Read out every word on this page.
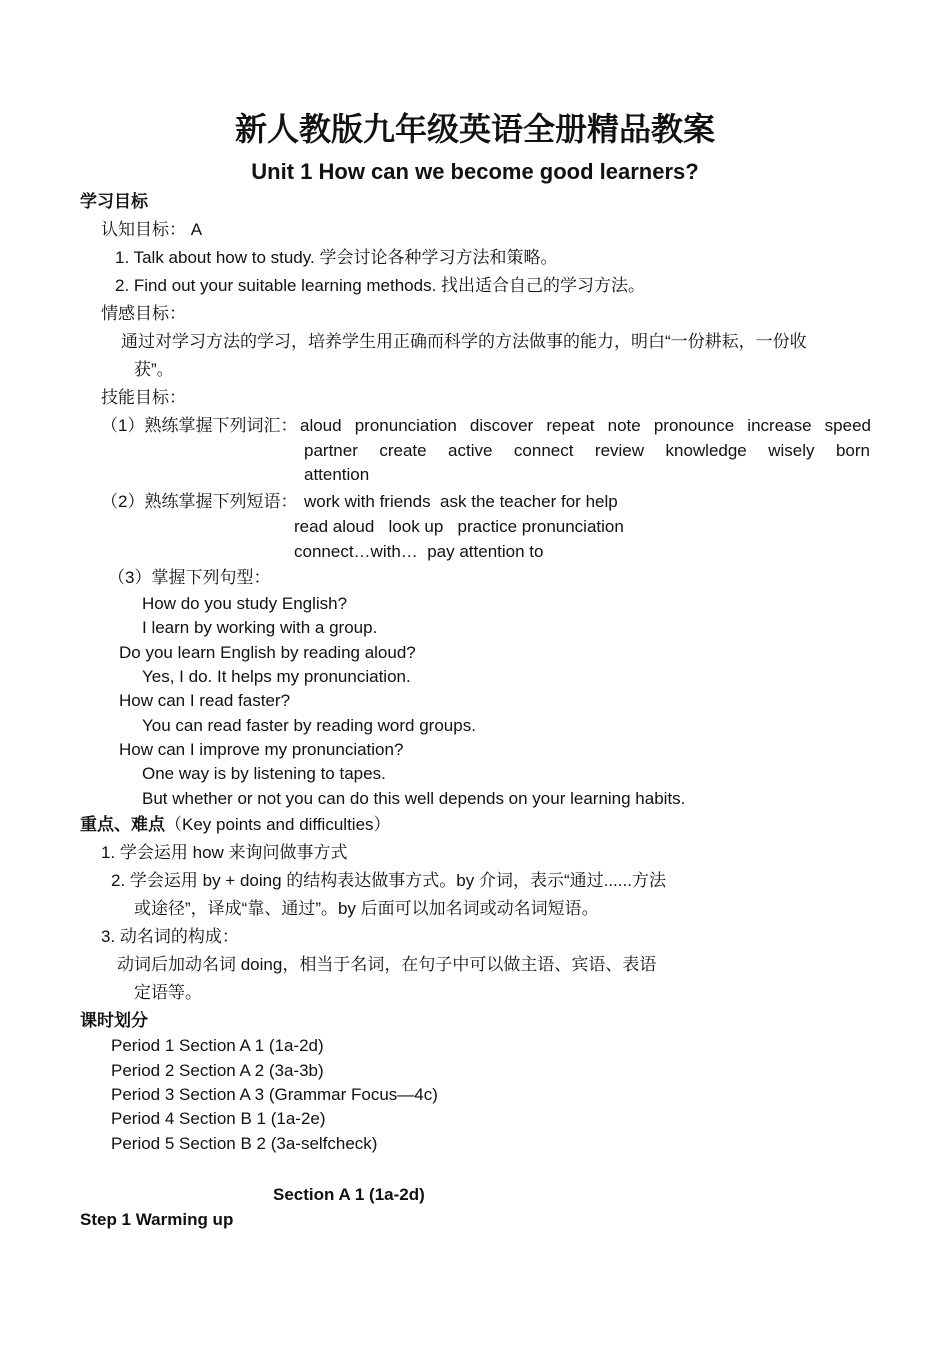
新人教版九年级英语全册精品教案
Unit 1 How can we become good learners?
学习目标
认知目标： A
1. Talk about how to study. 学会讨论各种学习方法和策略。
2. Find out your suitable learning methods. 找出适合自己的学习方法。
情感目标：
通过对学习方法的学习，培养学生用正确而科学的方法做事的能力，明白“一份耕耘，一份收
获”。
技能目标：
（1）熟练掌握下列词汇： aloud pronunciation discover repeat note pronounce increase speed
partner create active connect review knowledge wisely born
attention
（2）熟练掌握下列短语： work with friends  ask the teacher for help
read aloud   look up   practice pronunciation
connect…with…  pay attention to
（3）掌握下列句型：
How do you study English?
I learn by working with a group.
Do you learn English by reading aloud?
Yes, I do. It helps my pronunciation.
How can I read faster?
You can read faster by reading word groups.
How can I improve my pronunciation?
One way is by listening to tapes.
But whether or not you can do this well depends on your learning habits.
重点、难点（Key points and difficulties）
1. 学会运用 how 来询问做事方式
2. 学会运用 by + doing 的结构表达做事方式。by 介词，表示“通过......方法
或途径”，译成“靠、通过”。by 后面可以加名词或动名词短语。
3. 动名词的构成：
动词后加动名词 doing，相当于名词，在句子中可以做主语、宾语、表语
定语等。
课时划分
Period 1 Section A 1 (1a-2d)
Period 2 Section A 2 (3a-3b)
Period 3 Section A 3 (Grammar Focus—4c)
Period 4 Section B 1 (1a-2e)
Period 5 Section B 2 (3a-selfcheck)
Section A 1 (1a-2d)
Step 1 Warming up
